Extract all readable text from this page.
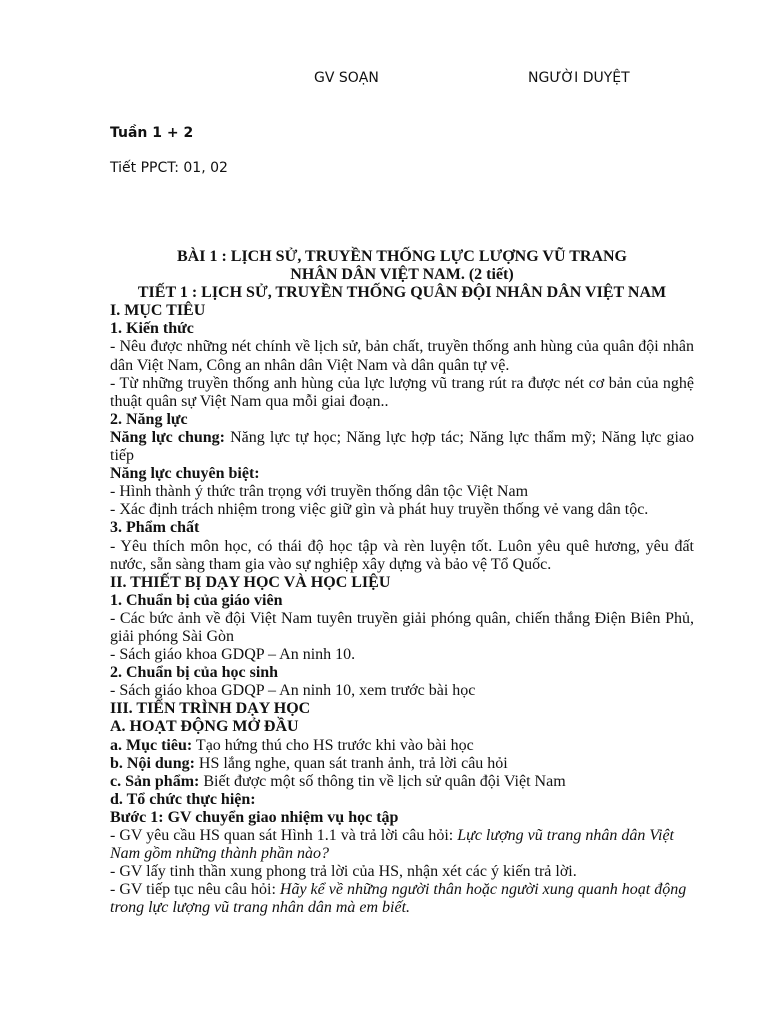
GV SOẠN	NGƯỜI DUYỆT
Tuần 1 + 2
Tiết PPCT: 01, 02

BÀI 1 : LỊCH SỬ, TRUYỀN THỐNG LỰC LƯỢNG VŨ TRANG

NHÂN DÂN VIỆT NAM. (2 tiết)

TIẾT 1 : LỊCH SỬ, TRUYỀN THỐNG QUÂN ĐỘI NHÂN DÂN VIỆT NAM

I. MỤC TIÊU

1. Kiến thức

- Nêu được những nét chính về lịch sử, bản chất, truyền thống anh hùng của quân đội nhân dân Việt Nam, Công an nhân dân Việt Nam và dân quân tự vệ.

- Từ những truyền thống anh hùng của lực lượng vũ trang rút ra được nét cơ bản của nghệ thuật quân sự Việt Nam qua mỗi giai đoạn..

2. Năng lực

Năng lực chung: Năng lực tự học; Năng lực hợp tác; Năng lực thẩm mỹ; Năng lực giao tiếp

Năng lực chuyên biệt:

- Hình thành ý thức trân trọng với truyền thống dân tộc Việt Nam

- Xác định trách nhiệm trong việc giữ gìn và phát huy truyền thống vẻ vang dân tộc.

3. Phẩm chất

- Yêu thích môn học, có thái độ học tập và rèn luyện tốt. Luôn yêu quê hương, yêu đất nước, sẵn sàng tham gia vào sự nghiệp xây dựng và bảo vệ Tổ Quốc.

II. THIẾT BỊ DẠY HỌC VÀ HỌC LIỆU

1. Chuẩn bị của giáo viên

- Các bức ảnh về đội Việt Nam tuyên truyền giải phóng quân, chiến thắng Điện Biên Phủ, giải phóng Sài Gòn

- Sách giáo khoa GDQP – An ninh 10.

2. Chuẩn bị của học sinh

- Sách giáo khoa GDQP – An ninh 10, xem trước bài học

III. TIẾN TRÌNH DẠY HỌC

A. HOẠT ĐỘNG MỞ ĐẦU

a. Mục tiêu: Tạo hứng thú cho HS trước khi vào bài học

b. Nội dung: HS lắng nghe, quan sát tranh ảnh, trả lời câu hỏi

c. Sản phẩm: Biết được một số thông tin về lịch sử quân đội Việt Nam

d. Tổ chức thực hiện:

Bước 1: GV chuyển giao nhiệm vụ học tập

- GV yêu cầu HS quan sát Hình 1.1 và trả lời câu hỏi: Lực lượng vũ trang nhân dân Việt Nam gồm những thành phần nào?

- GV lấy tinh thần xung phong trả lời của HS, nhận xét các ý kiến trả lời.

- GV tiếp tục nêu câu hỏi: Hãy kể về những người thân hoặc người xung quanh hoạt động trong lực lượng vũ trang nhân dân mà em biết.
